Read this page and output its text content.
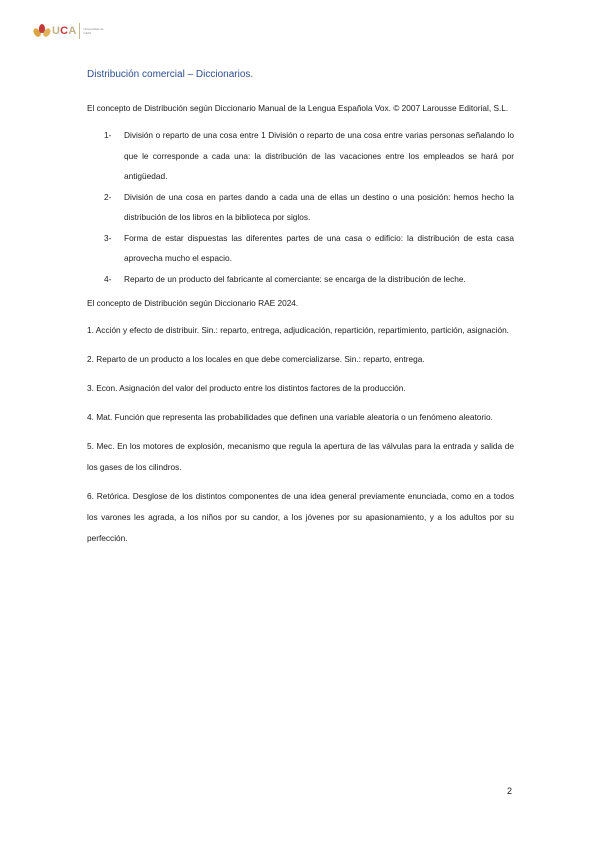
UCA Universidad de Cádiz
Distribución comercial – Diccionarios.

El concepto de Distribución según Diccionario Manual de la Lengua Española Vox. © 2007 Larousse Editorial, S.L.

1- División o reparto de una cosa entre 1 División o reparto de una cosa entre varias personas señalando lo que le corresponde a cada una: la distribución de las vacaciones entre los empleados se hará por antigüedad.
2- División de una cosa en partes dando a cada una de ellas un destino o una posición: hemos hecho la distribución de los libros en la biblioteca por siglos.
3- Forma de estar dispuestas las diferentes partes de una casa o edificio: la distribución de esta casa aprovecha mucho el espacio.
4- Reparto de un producto del fabricante al comerciante: se encarga de la distribución de leche.

El concepto de Distribución según Diccionario RAE 2024.

1. Acción y efecto de distribuir. Sin.: reparto, entrega, adjudicación, repartición, repartimiento, partición, asignación.

2. Reparto de un producto a los locales en que debe comercializarse. Sin.: reparto, entrega.

3. Econ. Asignación del valor del producto entre los distintos factores de la producción.

4. Mat. Función que representa las probabilidades que definen una variable aleatoria o un fenómeno aleatorio.

5. Mec. En los motores de explosión, mecanismo que regula la apertura de las válvulas para la entrada y salida de los gases de los cilindros.

6. Retórica. Desglose de los distintos componentes de una idea general previamente enunciada, como en a todos los varones les agrada, a los niños por su candor, a los jóvenes por su apasionamiento, y a los adultos por su perfección.

2
